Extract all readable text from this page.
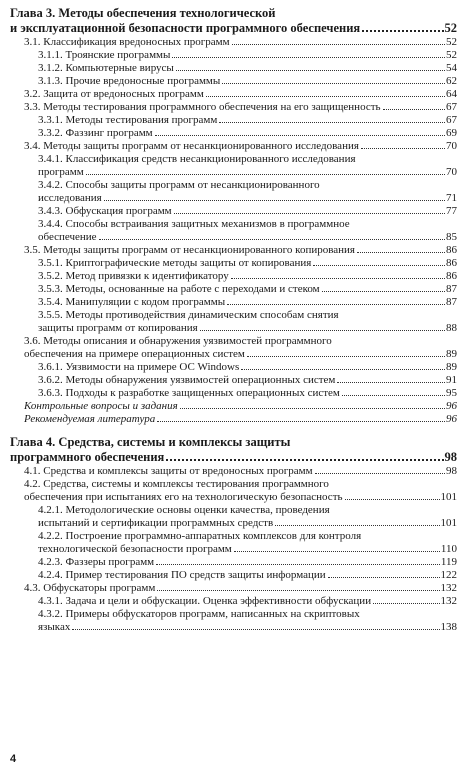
Глава 3. Методы обеспечения технологической
и эксплуатационной безопасности программного обеспечения	52
3.1. Классификация вредоносных программ	52
3.1.1. Троянские программы	52
3.1.2. Компьютерные вирусы	54
3.1.3. Прочие вредоносные программы	62
3.2. Защита от вредоносных программ	64
3.3. Методы тестирования программного обеспечения на его защищенность	67
3.3.1. Методы тестирования программ	67
3.3.2. Фаззинг программ	69
3.4. Методы защиты программ от несанкционированного исследования	70
3.4.1. Классификация средств несанкционированного исследования
программ	70
3.4.2. Способы защиты программ от несанкционированного
исследования	71
3.4.3. Обфускация программ	77
3.4.4. Способы встраивания защитных механизмов в программное
обеспечение	85
3.5. Методы защиты программ от несанкционированного копирования	86
3.5.1. Криптографические методы защиты от копирования	86
3.5.2. Метод привязки к идентификатору	86
3.5.3. Методы, основанные на работе с переходами и стеком	87
3.5.4. Манипуляции с кодом программы	87
3.5.5. Методы противодействия динамическим способам снятия
защиты программ от копирования	88
3.6. Методы описания и обнаружения уязвимостей программного
обеспечения на примере операционных систем	89
3.6.1. Уязвимости на примере ОС Windows	89
3.6.2. Методы обнаружения уязвимостей операционных систем	91
3.6.3. Подходы к разработке защищенных операционных систем	95
Контрольные вопросы и задания	96
Рекомендуемая литература	96
Глава 4. Средства, системы и комплексы защиты
программного обеспечения	98
4.1. Средства и комплексы защиты от вредоносных программ	98
4.2. Средства, системы и комплексы тестирования программного
обеспечения при испытаниях его на технологическую безопасность	101
4.2.1. Методологические основы оценки качества, проведения
испытаний и сертификации программных средств	101
4.2.2. Построение программно-аппаратных комплексов для контроля
технологической безопасности программ	110
4.2.3. Фаззеры программ	119
4.2.4. Пример тестирования ПО средств защиты информации	122
4.3. Обфускаторы программ	132
4.3.1. Задача и цели и обфускации. Оценка эффективности обфускации	132
4.3.2. Примеры обфускаторов программ, написанных на скриптовых
языках	138
4
